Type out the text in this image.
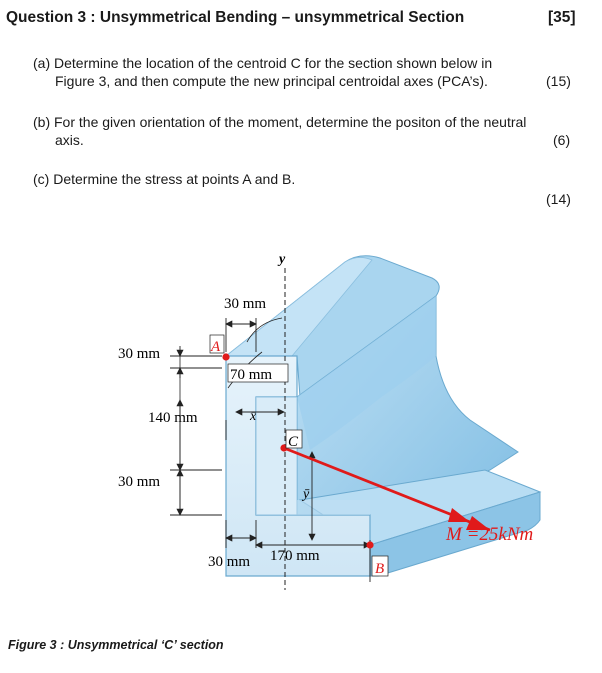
Question 3 : Unsymmetrical Bending – unsymmetrical Section	[35]
(a) Determine the location of the centroid C for the section shown below in
Figure 3, and then compute the new principal centroidal axes (PCA’s).	(15)
(b) For the given orientation of the moment, determine the positon of the neutral
axis.	(6)
(c) Determine the stress at points A and B.
(14)
y
30 mm
30 mm	A
70 mm
x̄
140 mm
C
30 mm
ȳ
30 mm 170 mm
B
M =25kNm
Figure 3 : Unsymmetrical ‘C’ section
